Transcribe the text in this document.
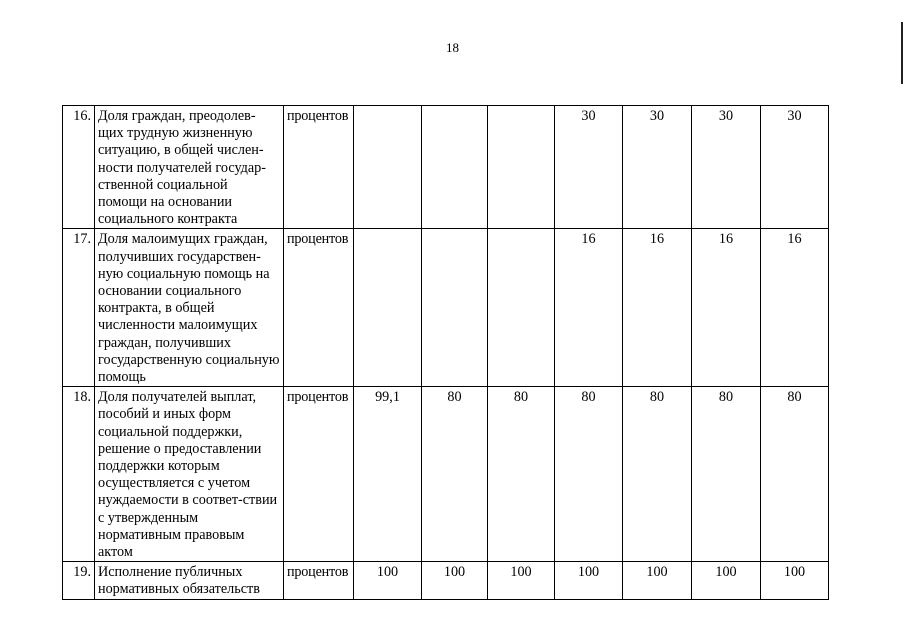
18
16.	Доля граждан, преодолев-щих трудную жизненную ситуацию, в общей числен-ности получателей государ-ственной социальной помощи на основании социального контракта	процентов				30	30	30	30
17.	Доля малоимущих граждан, получивших государствен-ную социальную помощь на основании социального контракта, в общей численности малоимущих граждан, получивших государственную социальную помощь	процентов				16	16	16	16
18.	Доля получателей выплат, пособий и иных форм социальной поддержки, решение о предоставлении поддержки которым осуществляется с учетом нуждаемости в соответ-ствии с утвержденным нормативным правовым актом	процентов	99,1	80	80	80	80	80	80
19.	Исполнение публичных нормативных обязательств	процентов	100	100	100	100	100	100	100
